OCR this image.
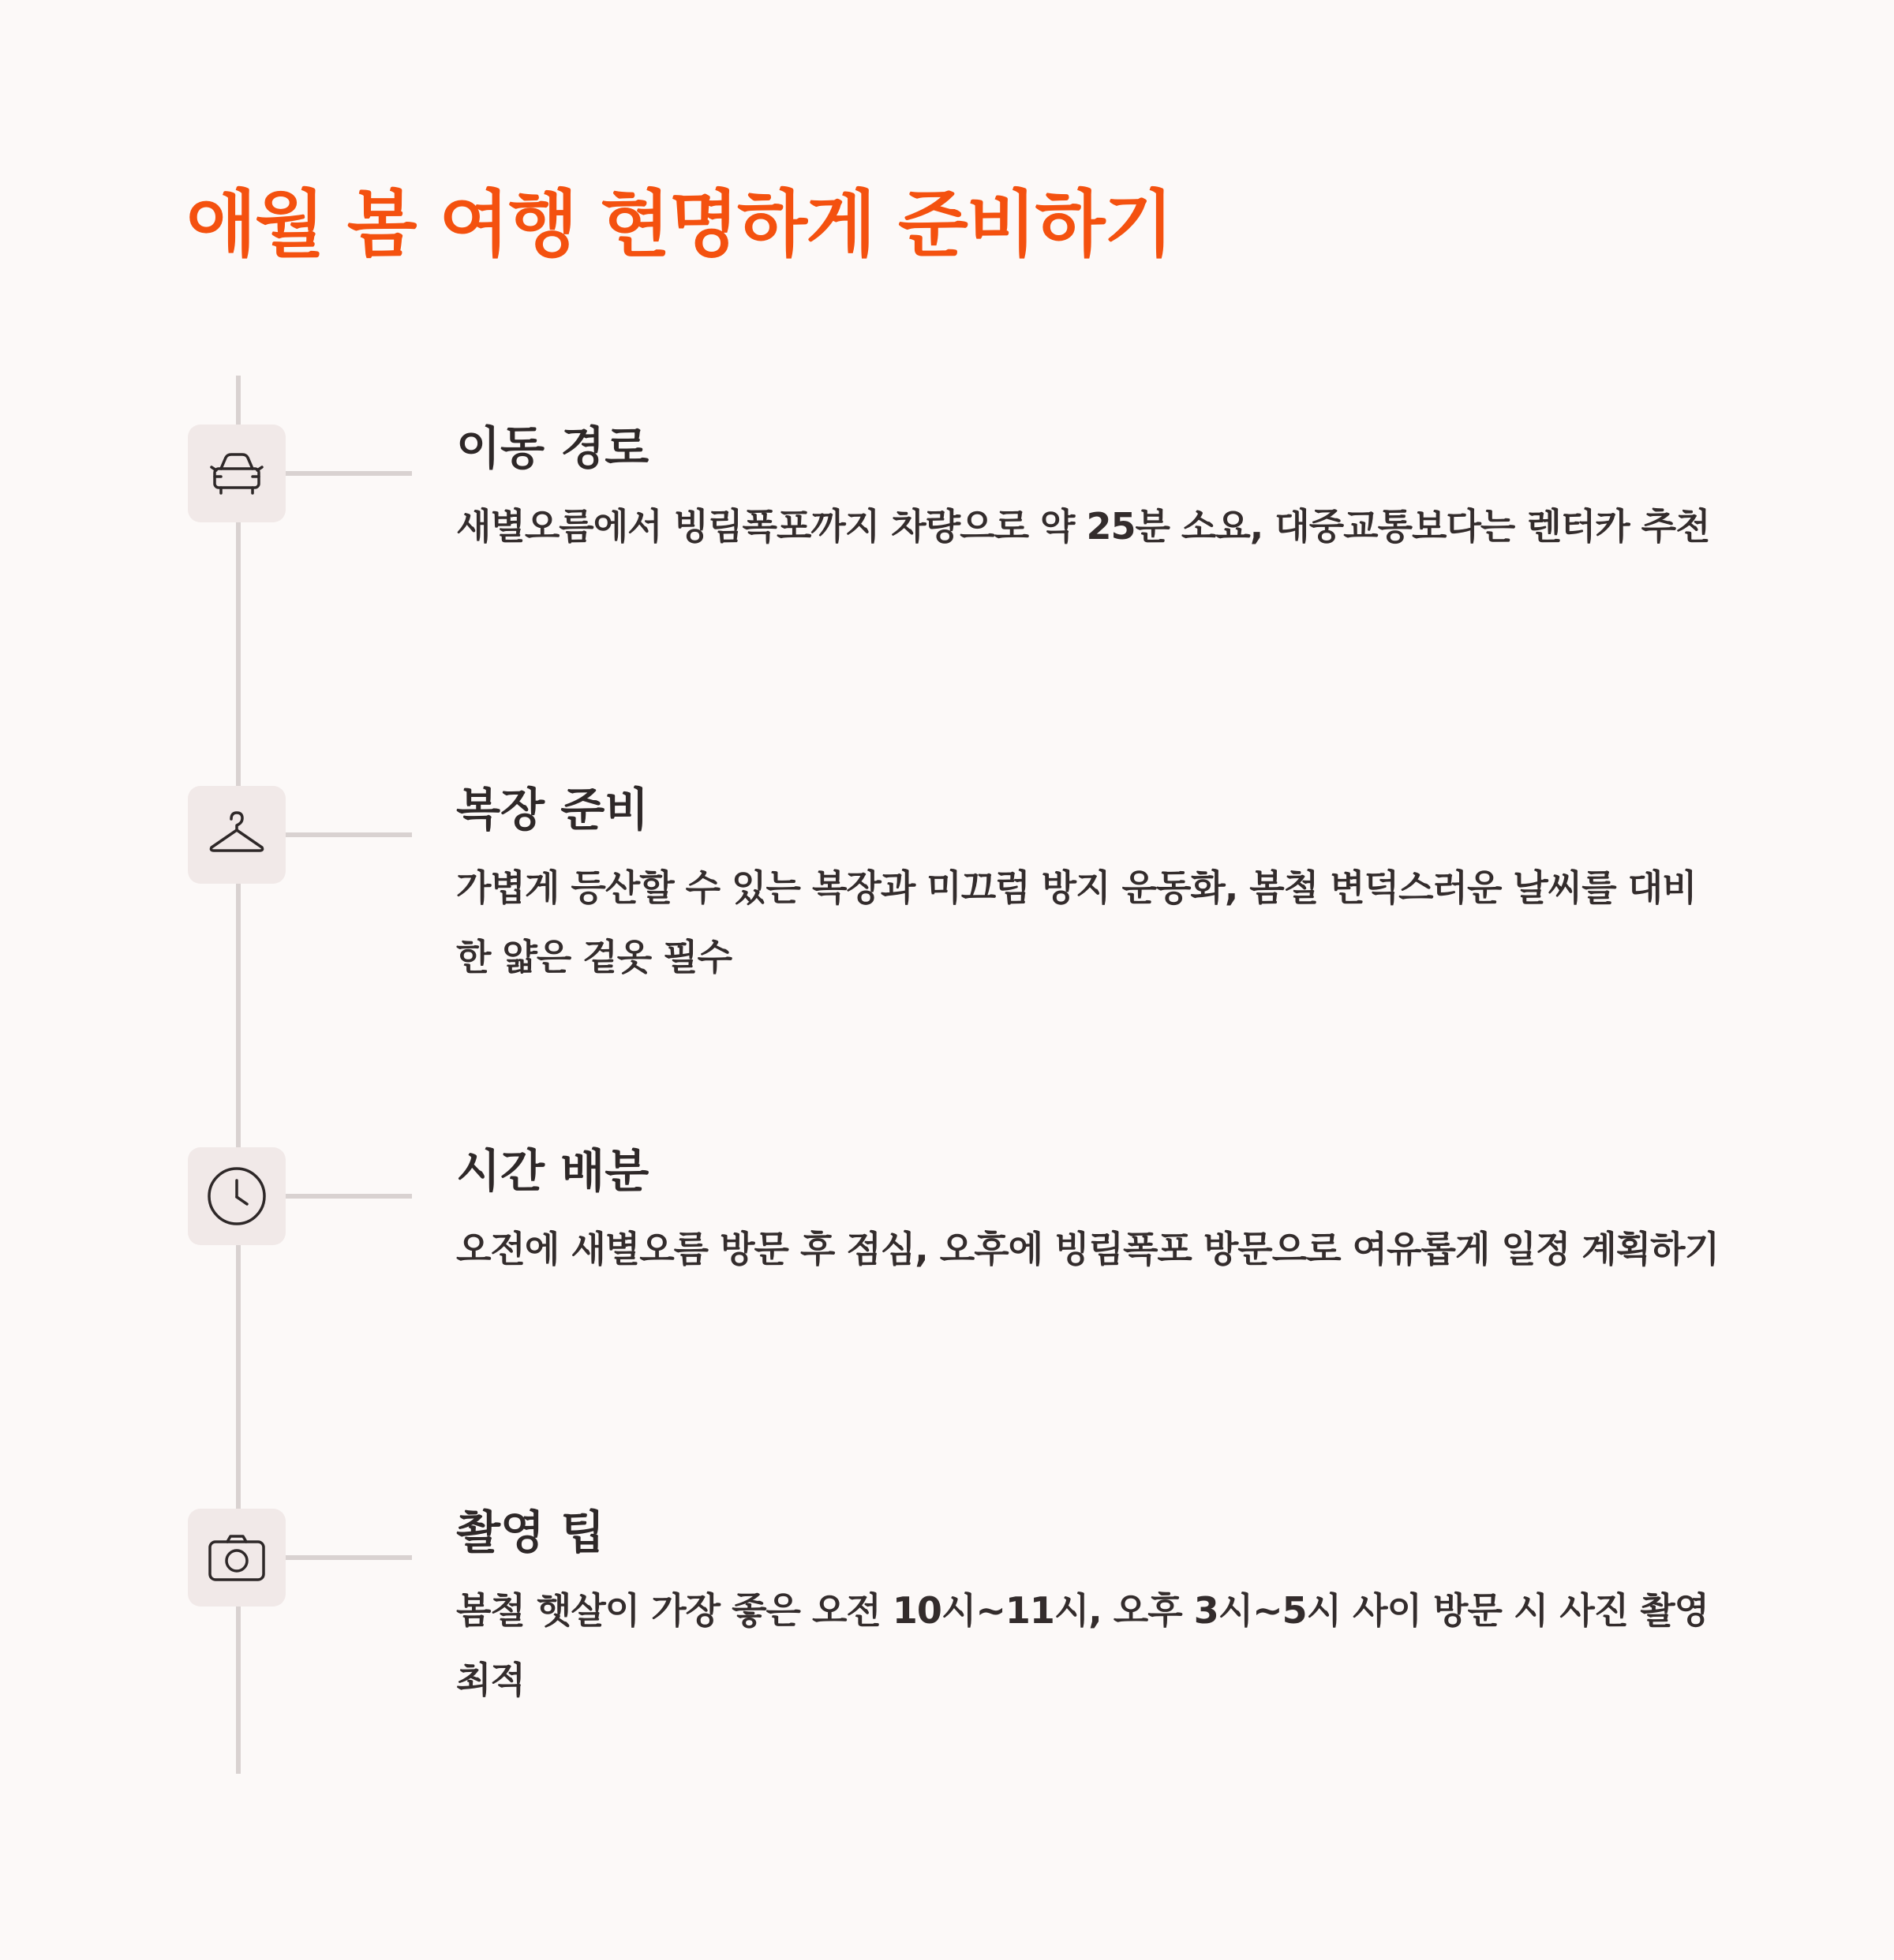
애월 봄 여행 현명하게 준비하기
이동 경로

새별오름에서 빙림폭포까지 차량으로 약 25분 소요, 대중교통보다는 렌터카 추천

복장 준비

가볍게 등산할 수 있는 복장과 미끄럼 방지 운동화, 봄철 변덕스러운 날씨를 대비한 얇은 겉옷 필수

시간 배분

오전에 새별오름 방문 후 점심, 오후에 빙림폭포 방문으로 여유롭게 일정 계획하기

촬영 팁

봄철 햇살이 가장 좋은 오전 10시~11시, 오후 3시~5시 사이 방문 시 사진 촬영 최적
